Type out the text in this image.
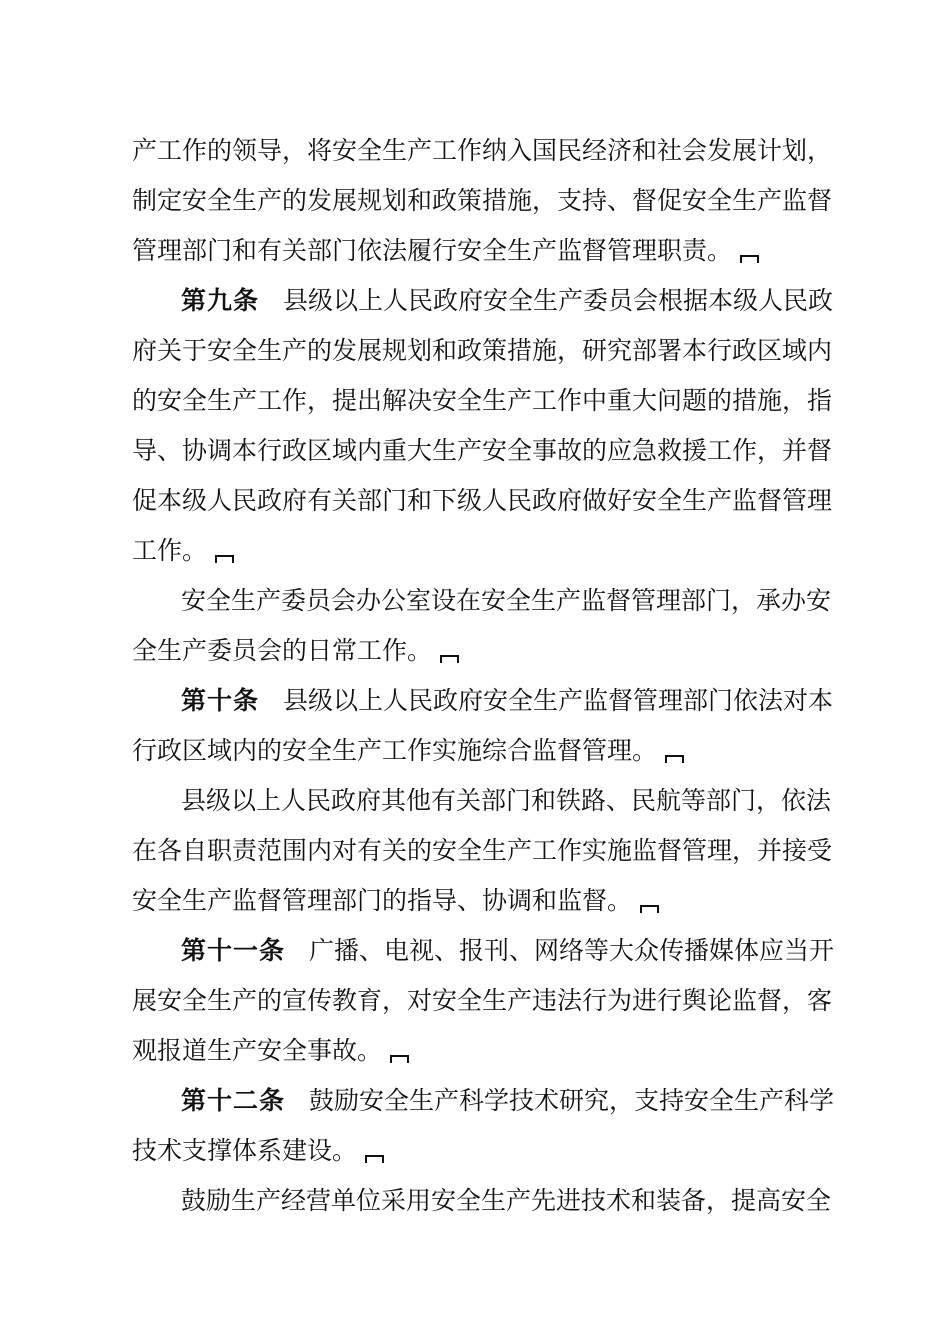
产工作的领导，将安全生产工作纳入国民经济和社会发展计划，
制定安全生产的发展规划和政策措施，支持、督促安全生产监督
管理部门和有关部门依法履行安全生产监督管理职责。
第九条 县级以上人民政府安全生产委员会根据本级人民政
府关于安全生产的发展规划和政策措施，研究部署本行政区域内
的安全生产工作，提出解决安全生产工作中重大问题的措施，指
导、协调本行政区域内重大生产安全事故的应急救援工作，并督
促本级人民政府有关部门和下级人民政府做好安全生产监督管理
工作。
安全生产委员会办公室设在安全生产监督管理部门，承办安
全生产委员会的日常工作。
第十条 县级以上人民政府安全生产监督管理部门依法对本
行政区域内的安全生产工作实施综合监督管理。
县级以上人民政府其他有关部门和铁路、民航等部门，依法
在各自职责范围内对有关的安全生产工作实施监督管理，并接受
安全生产监督管理部门的指导、协调和监督。
第十一条 广播、电视、报刊、网络等大众传播媒体应当开
展安全生产的宣传教育，对安全生产违法行为进行舆论监督，客
观报道生产安全事故。
第十二条 鼓励安全生产科学技术研究，支持安全生产科学
技术支撑体系建设。
鼓励生产经营单位采用安全生产先进技术和装备，提高安全
